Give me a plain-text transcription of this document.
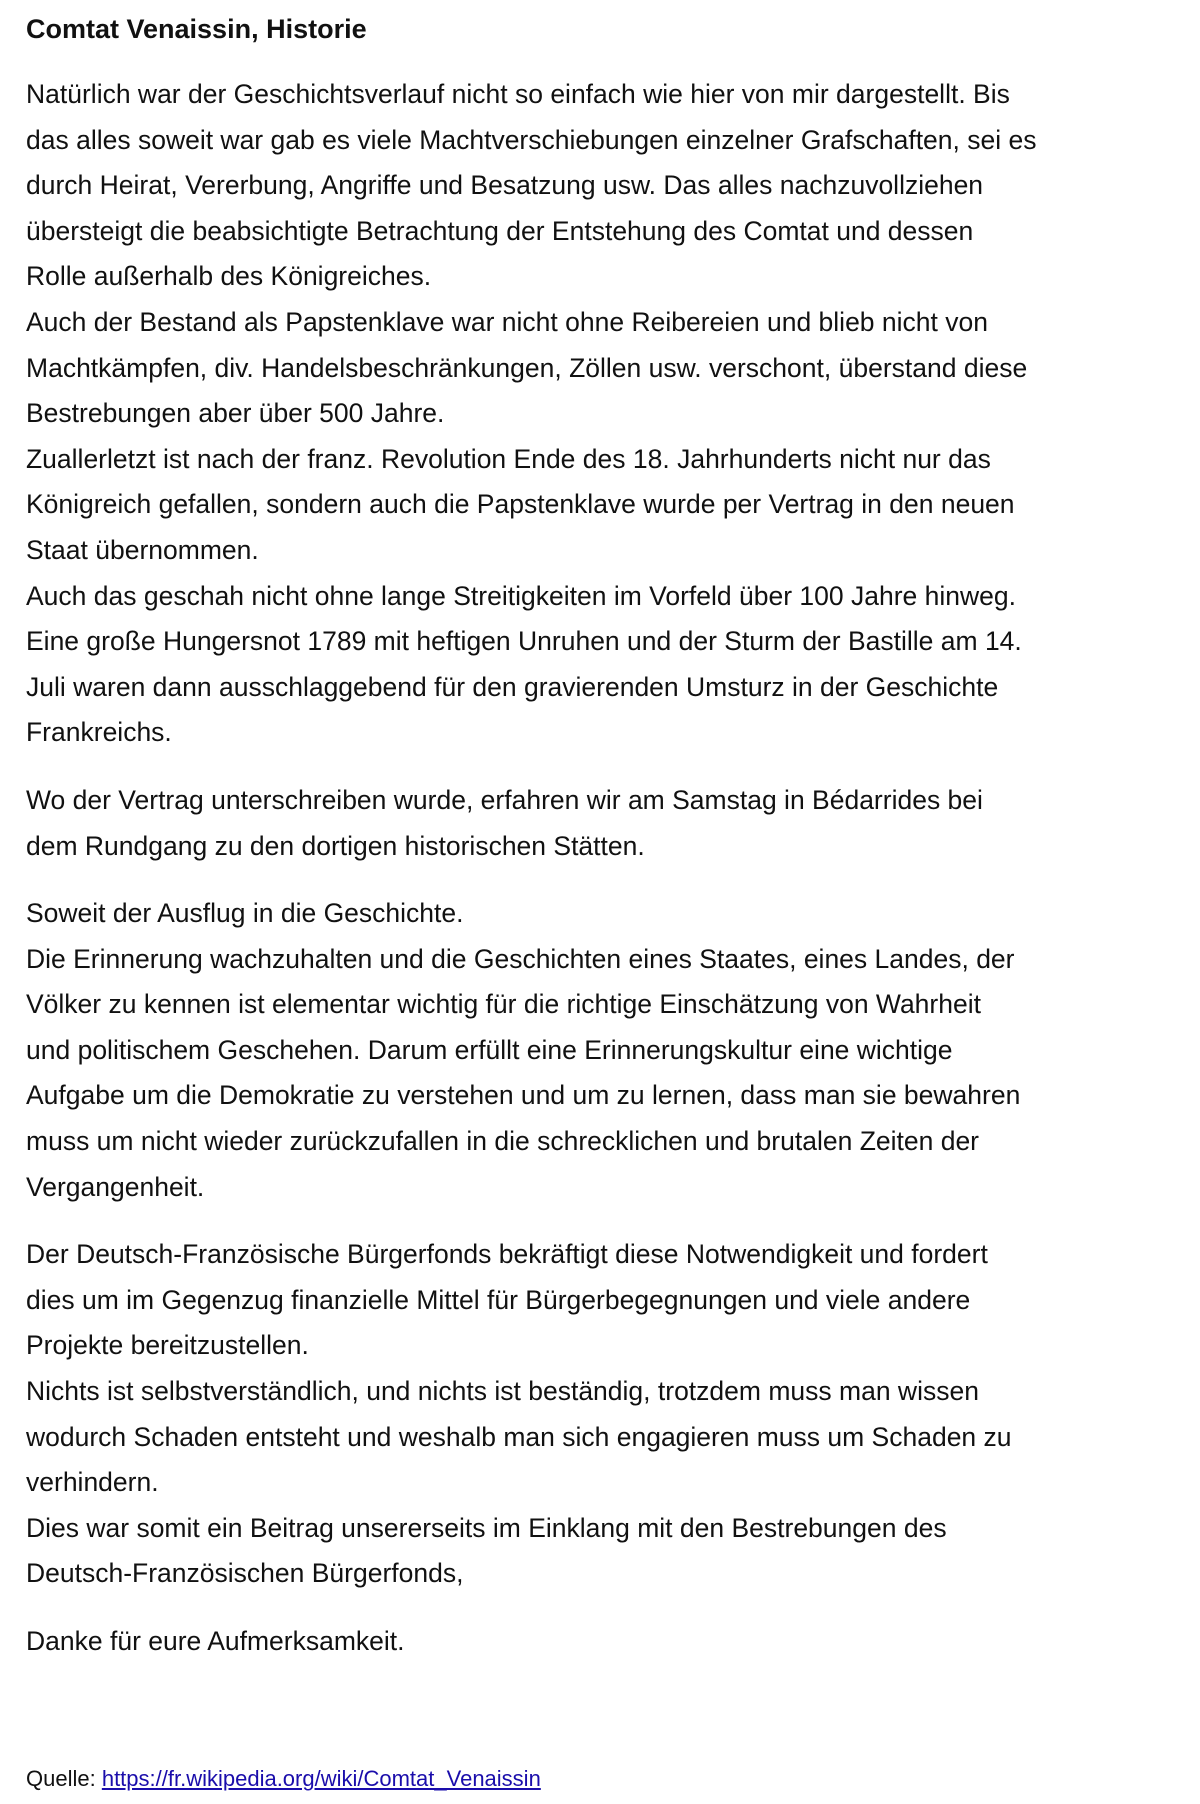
Comtat Venaissin, Historie
Natürlich war der Geschichtsverlauf nicht so einfach wie hier von mir dargestellt. Bis
das alles soweit war gab es viele Machtverschiebungen einzelner Grafschaften, sei es
durch Heirat, Vererbung, Angriffe und Besatzung usw. Das alles nachzuvollziehen
übersteigt die beabsichtigte Betrachtung der Entstehung des Comtat und dessen
Rolle außerhalb des Königreiches.
Auch der Bestand als Papstenklave war nicht ohne Reibereien und blieb nicht von
Machtkämpfen, div. Handelsbeschränkungen, Zöllen usw. verschont, überstand diese
Bestrebungen aber über 500 Jahre.
Zuallerletzt ist nach der franz. Revolution Ende des 18. Jahrhunderts nicht nur das
Königreich gefallen, sondern auch die Papstenklave wurde per Vertrag in den neuen
Staat übernommen.
Auch das geschah nicht ohne lange Streitigkeiten im Vorfeld über 100 Jahre hinweg.
Eine große Hungersnot 1789 mit heftigen Unruhen und der Sturm der Bastille am 14.
Juli waren dann ausschlaggebend für den gravierenden Umsturz in der Geschichte
Frankreichs.
Wo der Vertrag unterschreiben wurde, erfahren wir am Samstag in Bédarrides bei
dem Rundgang zu den dortigen historischen Stätten.
Soweit der Ausflug in die Geschichte.
Die Erinnerung wachzuhalten und die Geschichten eines Staates, eines Landes, der
Völker zu kennen ist elementar wichtig für die richtige Einschätzung von Wahrheit
und politischem Geschehen. Darum erfüllt eine Erinnerungskultur eine wichtige
Aufgabe um die Demokratie zu verstehen und um zu lernen, dass man sie bewahren
muss um nicht wieder zurückzufallen in die schrecklichen und brutalen Zeiten der
Vergangenheit.
Der Deutsch-Französische Bürgerfonds bekräftigt diese Notwendigkeit und fordert
dies um im Gegenzug finanzielle Mittel für Bürgerbegegnungen und viele andere
Projekte bereitzustellen.
Nichts ist selbstverständlich, und nichts ist beständig, trotzdem muss man wissen
wodurch Schaden entsteht und weshalb man sich engagieren muss um Schaden zu
verhindern.
Dies war somit ein Beitrag unsererseits im Einklang mit den Bestrebungen des
Deutsch-Französischen Bürgerfonds,
Danke für eure Aufmerksamkeit.
Quelle: https://fr.wikipedia.org/wiki/Comtat_Venaissin
